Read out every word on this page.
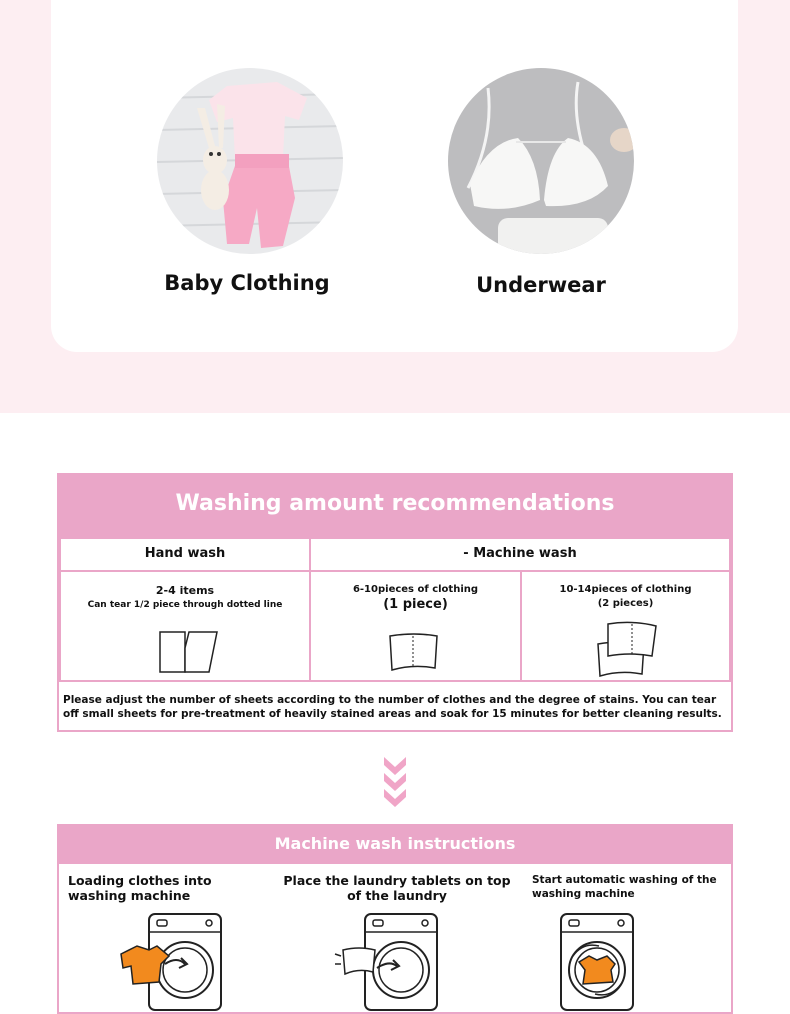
Baby Clothing	Underwear
Washing amount recommendations
Hand wash	- Machine wash
2-4 items
Can tear 1/2 piece through dotted line
6-10pieces of clothing
(1 piece)
10-14pieces of clothing
(2 pieces)
Please adjust the number of sheets according to the number of clothes and the degree of stains. You can tear off small sheets for pre-treatment of heavily stained areas and soak for 15 minutes for better cleaning results.
Machine wash instructions
Loading clothes into washing machine
Place the laundry tablets on top of the laundry
Start automatic washing of the washing machine
